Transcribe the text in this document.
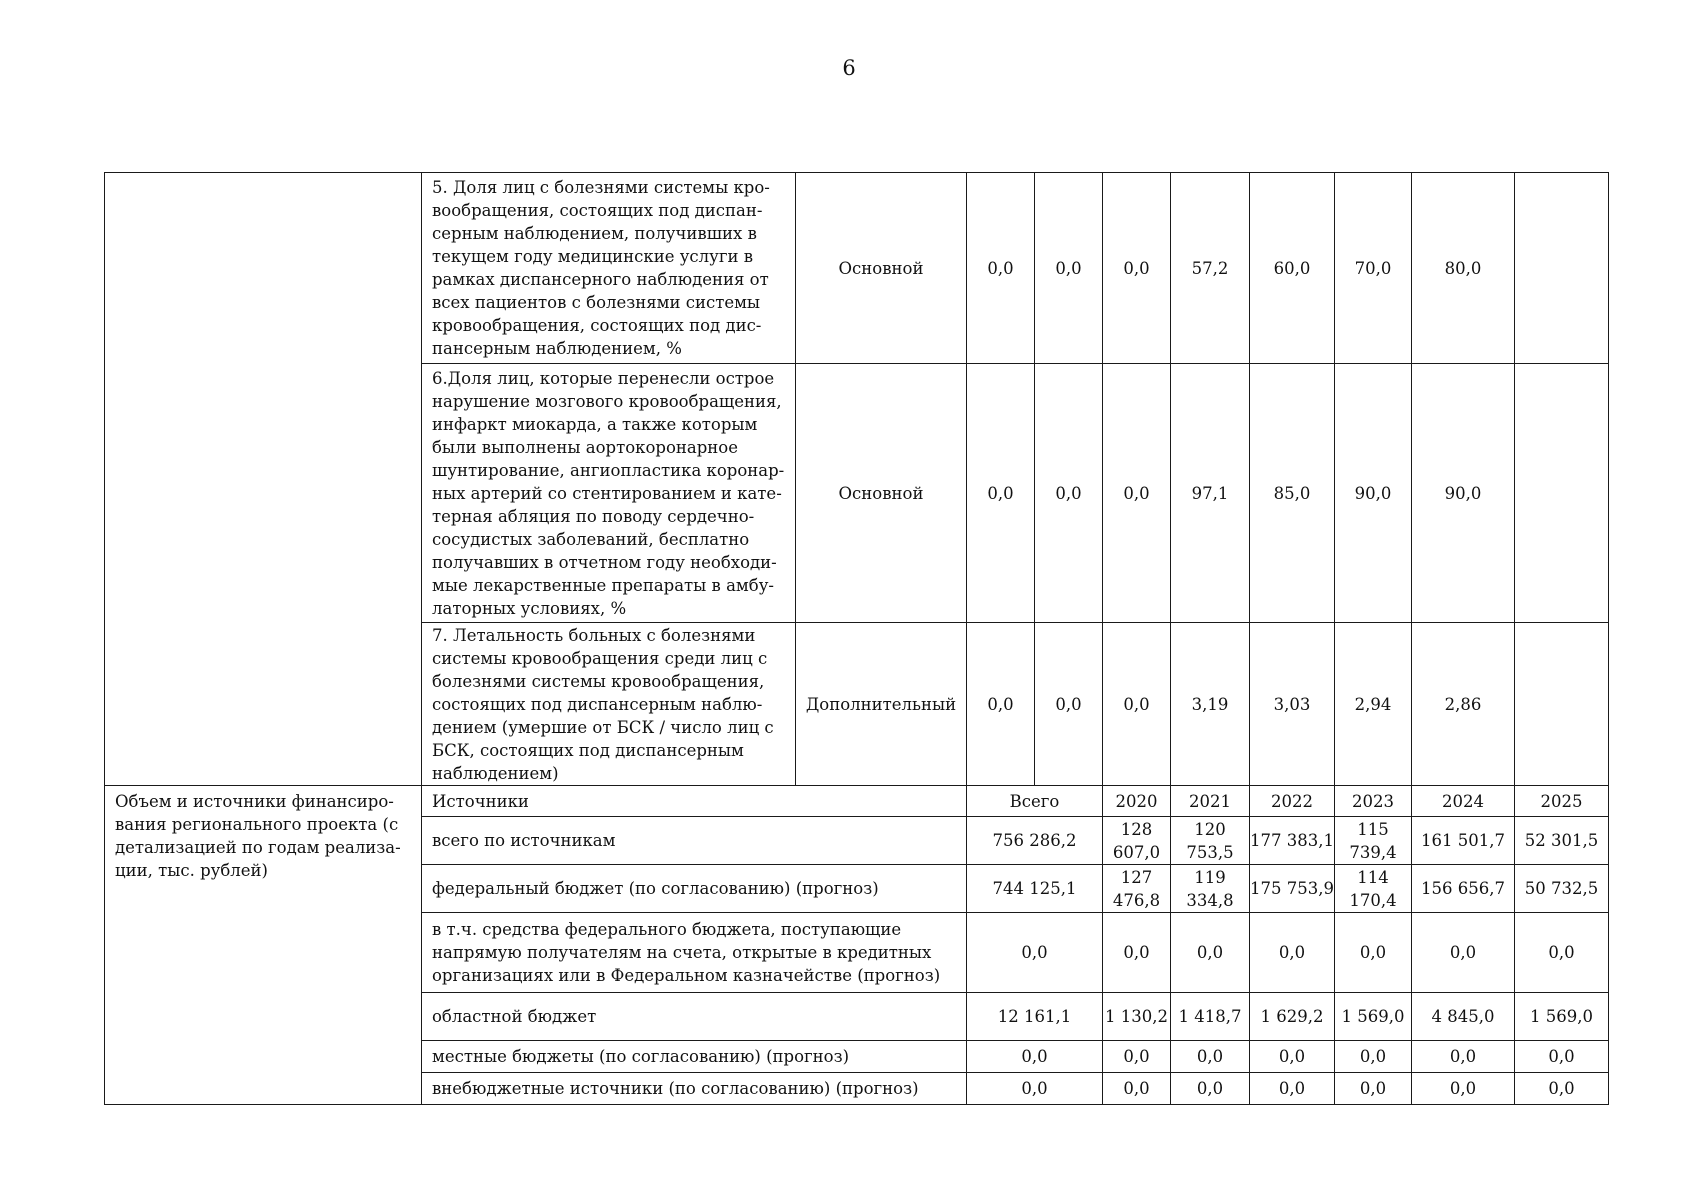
6
	5. Доля лиц с болезнями системы кро-вообращения, состоящих под диспан-серным наблюдением, получивших в текущем году медицинские услуги в рамках диспансерного наблюдения от всех пациентов с болезнями системы кровообращения, состоящих под дис-пансерным наблюдением, %	Основной	0,0	0,0	0,0	57,2	60,0	70,0	80,0	
	6.Доля лиц, которые перенесли острое нарушение мозгового кровообращения, инфаркт миокарда, а также которым были выполнены аортокоронарное шунтирование, ангиопластика коронар-ных артерий со стентированием и кате-терная абляция по поводу сердечно-сосудистых заболеваний, бесплатно получавших в отчетном году необходи-мые лекарственные препараты в амбу-латорных условиях, %	Основной	0,0	0,0	0,0	97,1	85,0	90,0	90,0	
	7. Летальность больных с болезнями системы кровообращения среди лиц с болезнями системы кровообращения, состоящих под диспансерным наблю-дением (умершие от БСК / число лиц с БСК, состоящих под диспансерным наблюдением)	Дополнительный	0,0	0,0	0,0	3,19	3,03	2,94	2,86	
Объем и источники финансиро-вания регионального проекта (с детализацией по годам реализа-ции, тыс. рублей)	Источники		Всего		2020	2021	2022	2023	2024	2025
	всего по источникам		756 286,2		128 607,0	120 753,5	177 383,1	115 739,4	161 501,7	52 301,5
	федеральный бюджет (по согласованию) (прогноз)		744 125,1		127 476,8	119 334,8	175 753,9	114 170,4	156 656,7	50 732,5
	в т.ч. средства федерального бюджета, поступающие напрямую получателям на счета, открытые в кредитных организациях или в Федеральном казначействе (прогноз)		0,0		0,0	0,0	0,0	0,0	0,0	0,0
	областной бюджет		12 161,1		1 130,2	1 418,7	1 629,2	1 569,0	4 845,0	1 569,0
	местные бюджеты (по согласованию) (прогноз)		0,0		0,0	0,0	0,0	0,0	0,0	0,0
	внебюджетные источники (по согласованию) (прогноз)		0,0		0,0	0,0	0,0	0,0	0,0	0,0
